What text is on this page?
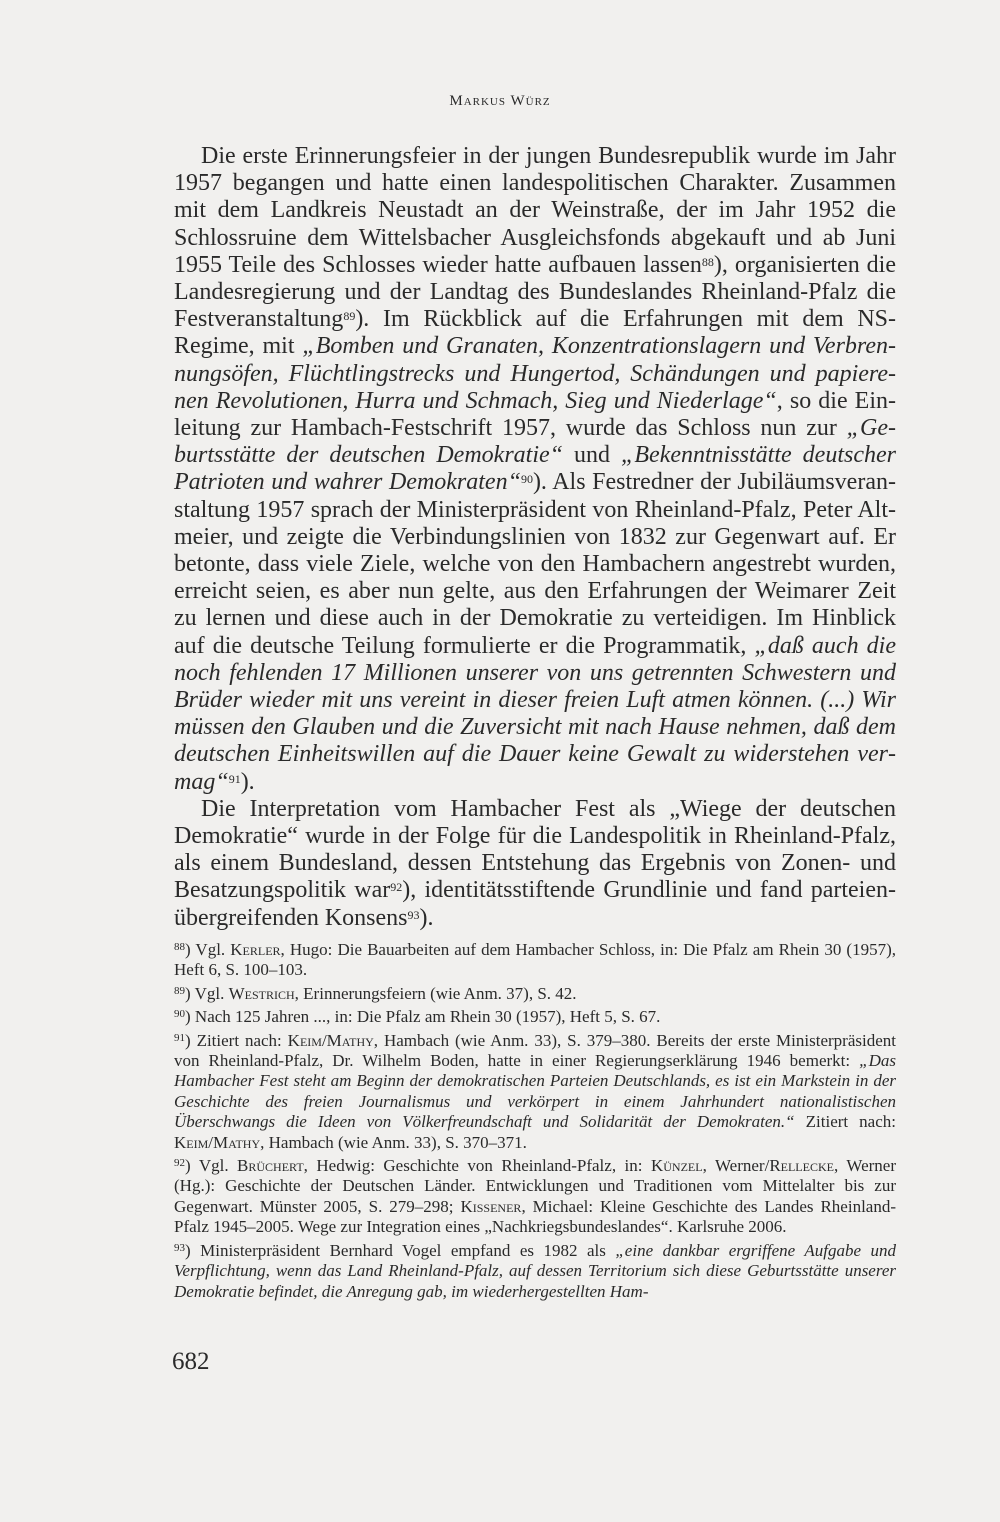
Markus Würz

Die erste Erinnerungsfeier in der jungen Bundesrepublik wurde im Jahr 1957 begangen und hatte einen landespolitischen Charakter. Zusammen mit dem Landkreis Neustadt an der Weinstraße, der im Jahr 1952 die Schlossruine dem Wittelsbacher Ausgleichsfonds abgekauft und ab Juni 1955 Teile des Schlosses wieder hatte aufbauen lassen$^{88}$), organisierten die Landesregierung und der Landtag des Bundeslandes Rheinland-Pfalz die Festveranstaltung$^{89}$). Im Rückblick auf die Erfahrungen mit dem NS-Regime, mit „Bomben und Granaten, Konzentrationslagern und Verbrennungsöfen, Flüchtlingstrecks und Hungertod, Schändungen und papierenen Revolutionen, Hurra und Schmach, Sieg und Niederlage“, so die Einleitung zur Hambach-Festschrift 1957, wurde das Schloss nun zur „Geburtsstätte der deutschen Demokratie“ und „Bekenntnisstätte deutscher Patrioten und wahrer Demokraten“$^{90}$). Als Festredner der Jubiläumsveranstaltung 1957 sprach der Ministerpräsident von Rheinland-Pfalz, Peter Altmeier, und zeigte die Verbindungslinien von 1832 zur Gegenwart auf. Er betonte, dass viele Ziele, welche von den Hambachern angestrebt wurden, erreicht seien, es aber nun gelte, aus den Erfahrungen der Weimarer Zeit zu lernen und diese auch in der Demokratie zu verteidigen. Im Hinblick auf die deutsche Teilung formulierte er die Programmatik, „daß auch die noch fehlenden 17 Millionen unserer von uns getrennten Schwestern und Brüder wieder mit uns vereint in dieser freien Luft atmen können. (...) Wir müssen den Glauben und die Zuversicht mit nach Hause nehmen, daß dem deutschen Einheitswillen auf die Dauer keine Gewalt zu widerstehen vermag“$^{91}$).

Die Interpretation vom Hambacher Fest als „Wiege der deutschen Demokratie“ wurde in der Folge für die Landespolitik in Rheinland-Pfalz, als einem Bundesland, dessen Entstehung das Ergebnis von Zonen- und Besatzungspolitik war$^{92}$), identitätsstiftende Grundlinie und fand parteienübergreifenden Konsens$^{93}$).

$^{88}$) Vgl. Kerler, Hugo: Die Bauarbeiten auf dem Hambacher Schloss, in: Die Pfalz am Rhein 30 (1957), Heft 6, S. 100–103.

$^{89}$) Vgl. Westrich, Erinnerungsfeiern (wie Anm. 37), S. 42.

$^{90}$) Nach 125 Jahren ..., in: Die Pfalz am Rhein 30 (1957), Heft 5, S. 67.

$^{91}$) Zitiert nach: Keim/Mathy, Hambach (wie Anm. 33), S. 379–380. Bereits der erste Ministerpräsident von Rheinland-Pfalz, Dr. Wilhelm Boden, hatte in einer Regierungserklärung 1946 bemerkt: „Das Hambacher Fest steht am Beginn der demokratischen Parteien Deutschlands, es ist ein Markstein in der Geschichte des freien Journalismus und verkörpert in einem Jahrhundert nationalistischen Überschwangs die Ideen von Völkerfreundschaft und Solidarität der Demokraten.“ Zitiert nach: Keim/Mathy, Hambach (wie Anm. 33), S. 370–371.

$^{92}$) Vgl. Brüchert, Hedwig: Geschichte von Rheinland-Pfalz, in: Künzel, Werner/Rellecke, Werner (Hg.): Geschichte der Deutschen Länder. Entwicklungen und Traditionen vom Mittelalter bis zur Gegenwart. Münster 2005, S. 279–298; Kissener, Michael: Kleine Geschichte des Landes Rheinland-Pfalz 1945–2005. Wege zur Integration eines „Nachkriegsbundeslandes“. Karlsruhe 2006.

$^{93}$) Ministerpräsident Bernhard Vogel empfand es 1982 als „eine dankbar ergriffene Aufgabe und Verpflichtung, wenn das Land Rheinland-Pfalz, auf dessen Territorium sich diese Geburtsstätte unserer Demokratie befindet, die Anregung gab, im wiederhergestellten Ham-

682
